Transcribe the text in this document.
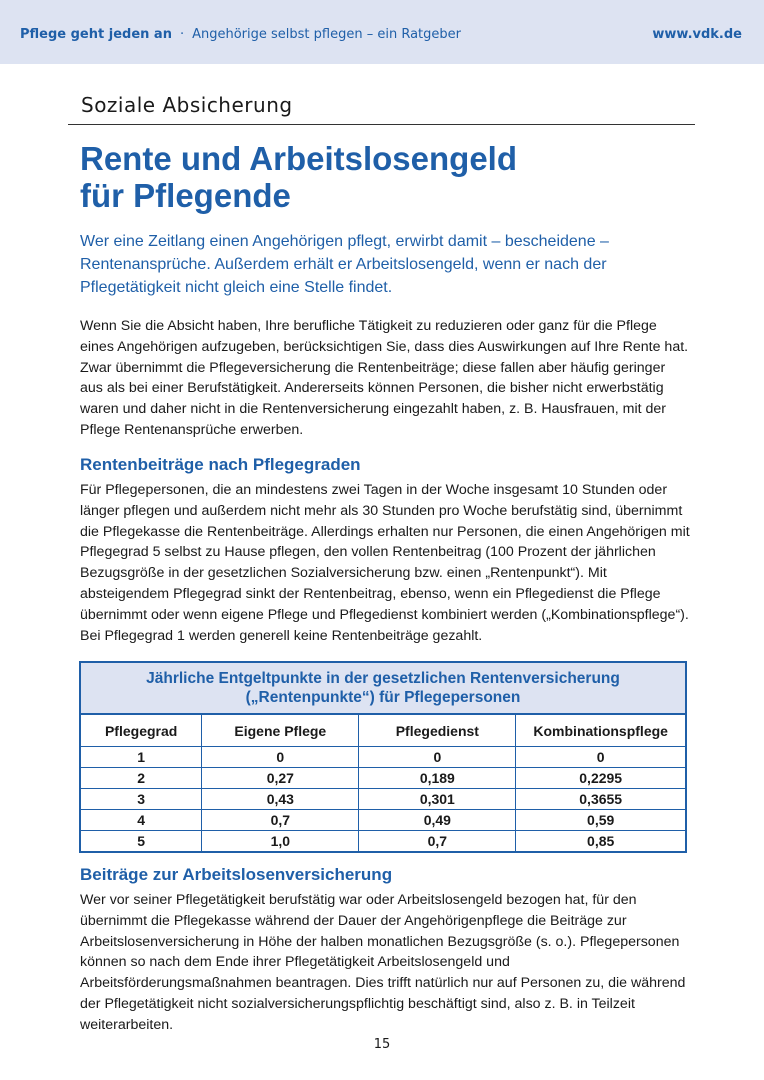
Pflege geht jeden an · Angehörige selbst pflegen – ein Ratgeber	www.vdk.de
Soziale Absicherung
Rente und Arbeitslosengeld
für Pflegende

Wer eine Zeitlang einen Angehörigen pflegt, erwirbt damit – bescheidene – Rentenansprüche. Außerdem erhält er Arbeitslosengeld, wenn er nach der Pflegetätigkeit nicht gleich eine Stelle findet.

Wenn Sie die Absicht haben, Ihre berufliche Tätigkeit zu reduzieren oder ganz für die Pflege eines Angehörigen aufzugeben, berücksichtigen Sie, dass dies Auswirkungen auf Ihre Rente hat. Zwar übernimmt die Pflegeversicherung die Rentenbeiträge; diese fallen aber häufig geringer aus als bei einer Berufstätigkeit. Andererseits können Personen, die bisher nicht erwerbstätig waren und daher nicht in die Rentenversicherung eingezahlt haben, z. B. Hausfrauen, mit der Pflege Rentenansprüche erwerben.

Rentenbeiträge nach Pflegegraden

Für Pflegepersonen, die an mindestens zwei Tagen in der Woche insgesamt 10 Stunden oder länger pflegen und außerdem nicht mehr als 30 Stunden pro Woche berufstätig sind, übernimmt die Pflegekasse die Rentenbeiträge. Allerdings erhalten nur Personen, die einen Angehörigen mit Pflegegrad 5 selbst zu Hause pflegen, den vollen Rentenbeitrag (100 Prozent der jährlichen Bezugsgröße in der gesetzlichen Sozialversicherung bzw. einen „Rentenpunkt“). Mit absteigendem Pflegegrad sinkt der Rentenbeitrag, ebenso, wenn ein Pflegedienst die Pflege übernimmt oder wenn eigene Pflege und Pflegedienst kombiniert werden („Kombinationspflege“). Bei Pflegegrad 1 werden generell keine Rentenbeiträge gezahlt.

Jährliche Entgeltpunkte in der gesetzlichen Rentenversicherung
(„Rentenpunkte“) für Pflegepersonen
Pflegegrad	Eigene Pflege	Pflegedienst	Kombinationspflege
1	0	0	0
2	0,27	0,189	0,2295
3	0,43	0,301	0,3655
4	0,7	0,49	0,59
5	1,0	0,7	0,85
Beiträge zur Arbeitslosenversicherung

Wer vor seiner Pflegetätigkeit berufstätig war oder Arbeitslosengeld bezogen hat, für den übernimmt die Pflegekasse während der Dauer der Angehörigenpflege die Beiträge zur Arbeitslosenversicherung in Höhe der halben monatlichen Bezugsgröße (s. o.). Pflegepersonen können so nach dem Ende ihrer Pflegetätigkeit Arbeitslosengeld und Arbeitsförderungsmaßnahmen beantragen. Dies trifft natürlich nur auf Personen zu, die während der Pflegetätigkeit nicht sozialversicherungspflichtig beschäftigt sind, also z. B. in Teilzeit weiterarbeiten.

15
